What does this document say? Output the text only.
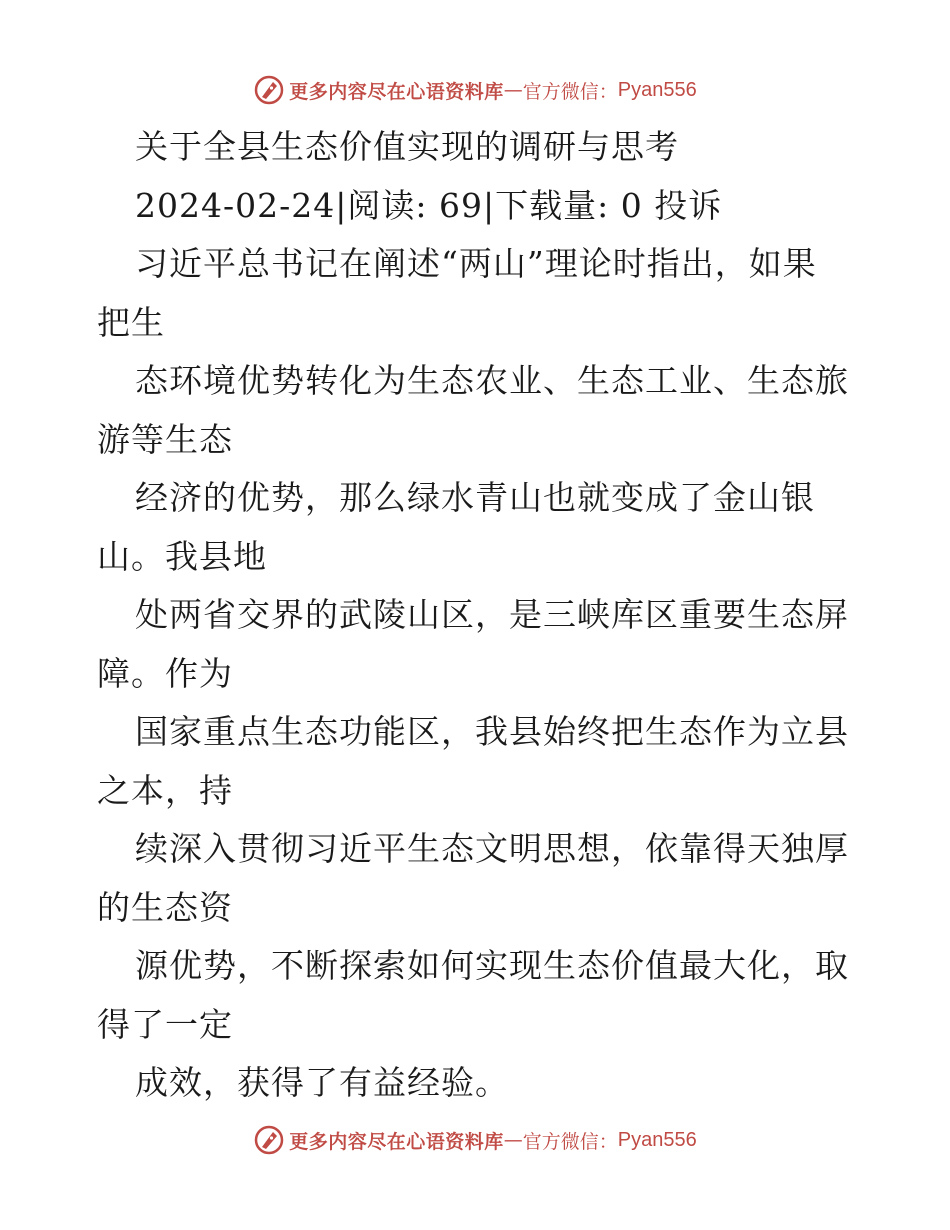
更多内容尽在心语资料库 — 官方微信： Pyan556
关于全县生态价值实现的调研与思考
2024-02-24|阅读: 69|下载量: 0 投诉
习近平总书记在阐述“两山”理论时指出，如果
把生
态环境优势转化为生态农业、生态工业、生态旅
游等生态
经济的优势，那么绿水青山也就变成了金山银
山。我县地
处两省交界的武陵山区，是三峡库区重要生态屏
障。作为
国家重点生态功能区，我县始终把生态作为立县
之本，持
续深入贯彻习近平生态文明思想，依靠得天独厚
的生态资
源优势，不断探索如何实现生态价值最大化，取
得了一定
成效，获得了有益经验。
更多内容尽在心语资料库 — 官方微信： Pyan556
